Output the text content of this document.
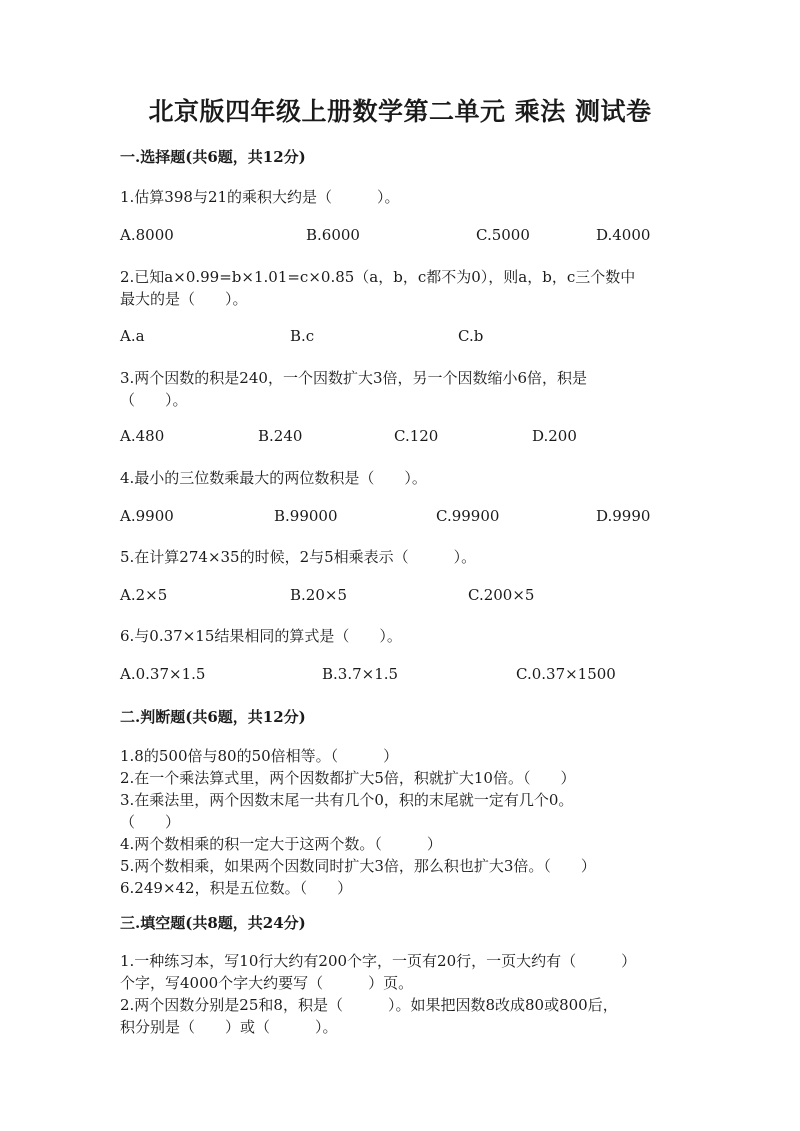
北京版四年级上册数学第二单元 乘法 测试卷
一.选择题(共6题，共12分)
1.估算398与21的乘积大约是（　　　）。
A.8000	B.6000	C.5000	D.4000
2.已知a×0.99=b×1.01=c×0.85（a，b，c都不为0），则a，b，c三个数中
最大的是（　　）。
A.a	B.c	C.b
3.两个因数的积是240，一个因数扩大3倍，另一个因数缩小6倍，积是
（　　）。
A.480	B.240	C.120	D.200
4.最小的三位数乘最大的两位数积是（　　）。
A.9900	B.99000	C.99900	D.9990
5.在计算274×35的时候，2与5相乘表示（　　　）。
A.2×5	B.20×5	C.200×5
6.与0.37×15结果相同的算式是（　　）。
A.0.37×1.5	B.3.7×1.5	C.0.37×1500
二.判断题(共6题，共12分)
1.8的500倍与80的50倍相等。（　　　）
2.在一个乘法算式里，两个因数都扩大5倍，积就扩大10倍。（　　）
3.在乘法里，两个因数末尾一共有几个0，积的末尾就一定有几个0。
（　　）
4.两个数相乘的积一定大于这两个数。（　　　）
5.两个数相乘，如果两个因数同时扩大3倍，那么积也扩大3倍。（　　）
6.249×42，积是五位数。（　　）
三.填空题(共8题，共24分)
1.一种练习本，写10行大约有200个字，一页有20行，一页大约有（　　　）
个字，写4000个字大约要写（　　　）页。
2.两个因数分别是25和8，积是（　　　）。如果把因数8改成80或800后，
积分别是（　　）或（　　　）。
